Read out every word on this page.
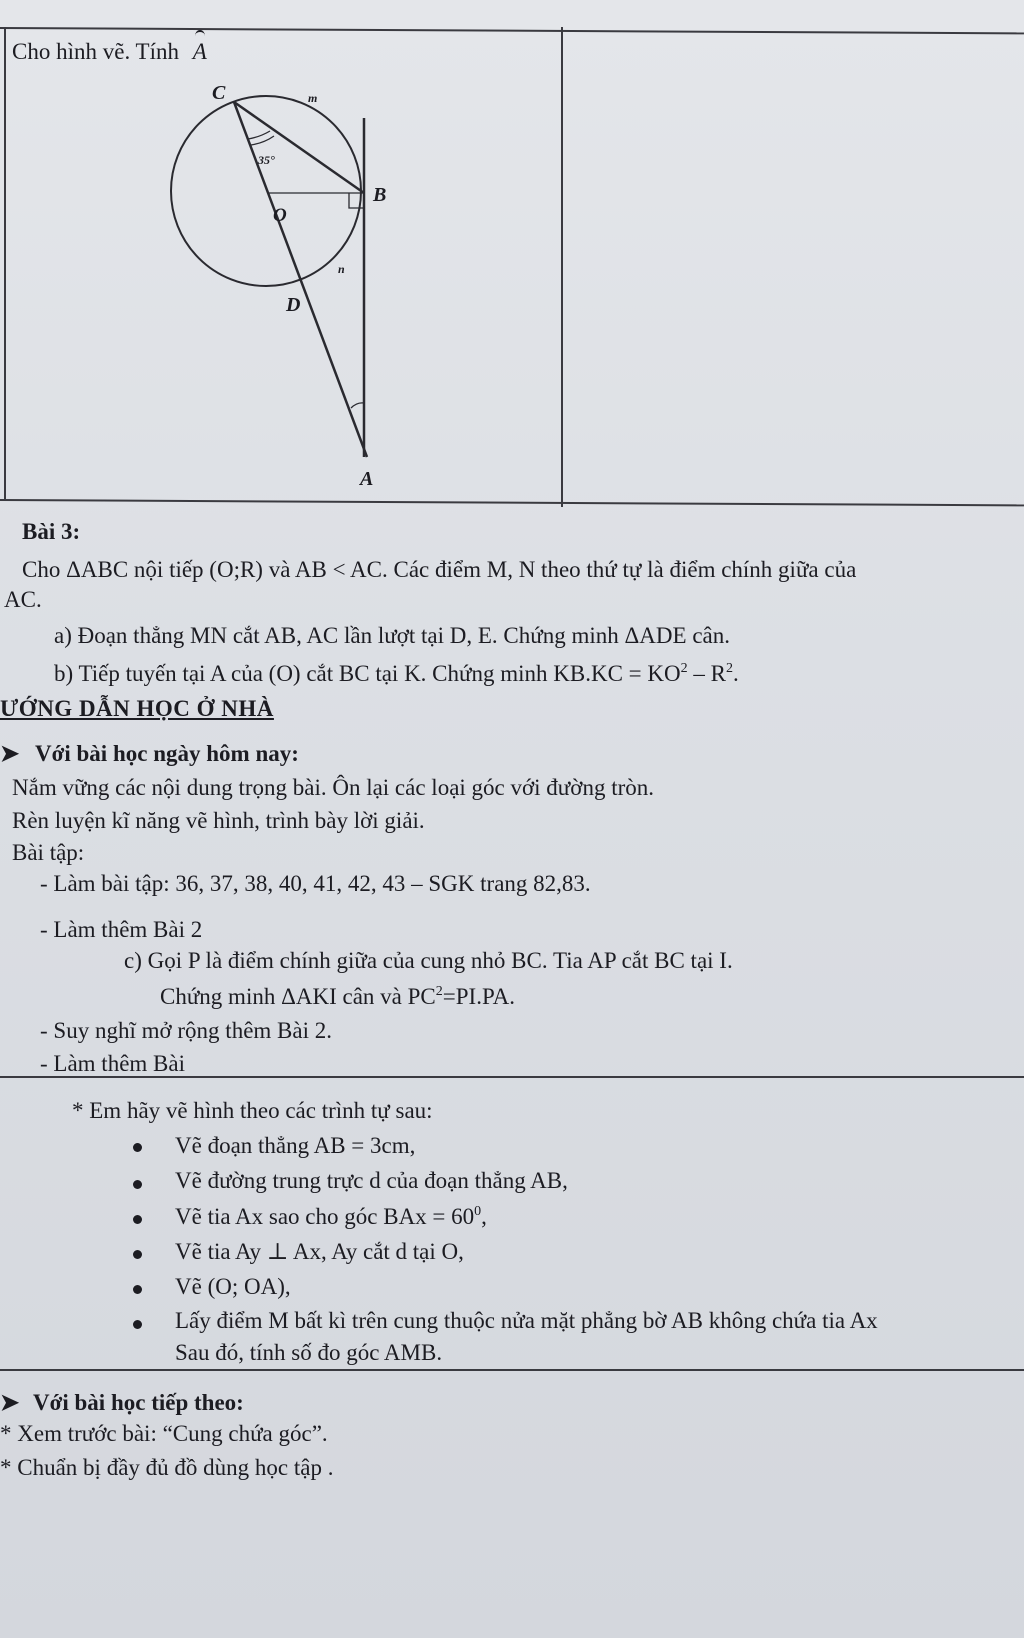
Cho hình vẽ. Tính A
C	m
35°
B
O
n
D
A
Bài 3:
Cho ΔABC nội tiếp (O;R) và AB < AC. Các điểm M, N theo thứ tự là điểm chính giữa của
AC.
a) Đoạn thẳng MN cắt AB, AC lần lượt tại D, E. Chứng minh ΔADE cân.
b) Tiếp tuyến tại A của (O) cắt BC tại K. Chứng minh $KB.KC = KO^2 - R^2$.
ƯỚNG DẪN HỌC Ở NHÀ
➤ Với bài học ngày hôm nay:
Nắm vững các nội dung trọng bài. Ôn lại các loại góc với đường tròn.
Rèn luyện kĩ năng vẽ hình, trình bày lời giải.
Bài tập:
- Làm bài tập: 36, 37, 38, 40, 41, 42, 43 – SGK trang 82,83.
- Làm thêm Bài 2
c) Gọi P là điểm chính giữa của cung nhỏ BC. Tia AP cắt BC tại I.
Chứng minh ΔAKI cân và $PC^2=PI.PA$.
- Suy nghĩ mở rộng thêm Bài 2.
- Làm thêm Bài
* Em hãy vẽ hình theo các trình tự sau:
Vẽ đoạn thẳng AB = 3cm,
Vẽ đường trung trực d của đoạn thẳng AB,
Vẽ tia Ax sao cho góc BAx = $60^0$,
Vẽ tia Ay ⊥ Ax, Ay cắt d tại O,
Vẽ (O; OA),
Lấy điểm M bất kì trên cung thuộc nửa mặt phẳng bờ AB không chứa tia Ax
Sau đó, tính số đo góc AMB.
➤ Với bài học tiếp theo:
* Xem trước bài: “Cung chứa góc”.
* Chuẩn bị đầy đủ đồ dùng học tập .
